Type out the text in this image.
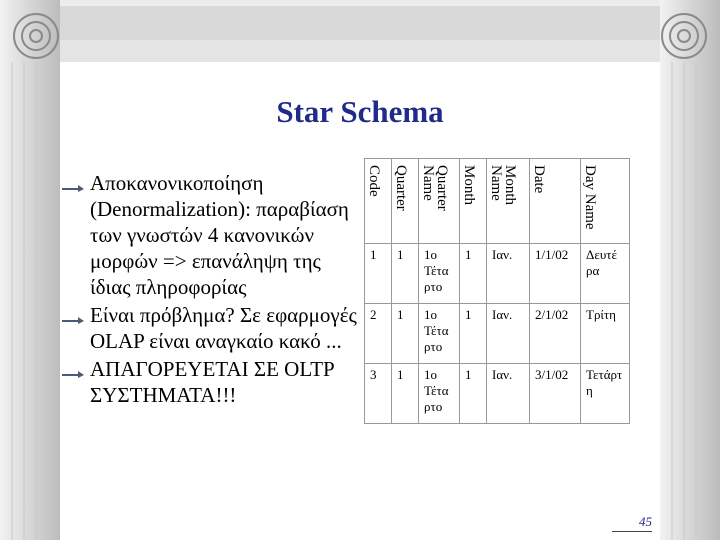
Star Schema
Αποκανονικοποίηση (Denormalization): παραβίαση των γνωστών 4 κανονικών μορφών => επανάληψη της ίδιας πληροφορίας
Είναι πρόβλημα? Σε εφαρμογές OLAP είναι αναγκαίο κακό ...
ΑΠΑΓΟΡΕΥΕΤΑΙ ΣΕ OLTP ΣΥΣΤΗΜΑΤΑ!!!
Code	Quarter	Quarter Name	Month	Month Name	Date	Day Name

1	1	1ο Τέτα ρτο	1	Ιαν.	1/1/02	Δευτέ ρα
2	1	1ο Τέτα ρτο	1	Ιαν.	2/1/02	Τρίτη
3	1	1ο Τέτα ρτο	1	Ιαν.	3/1/02	Τετάρτ η
45
